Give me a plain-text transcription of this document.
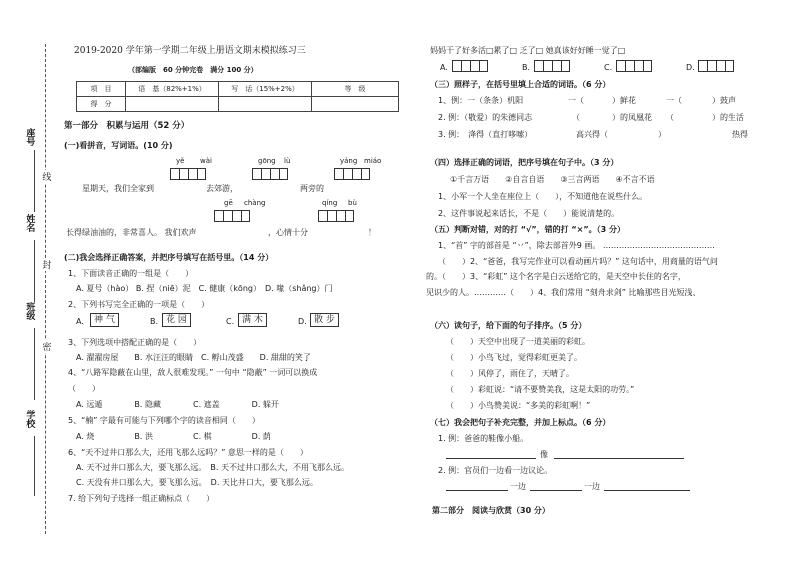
座号
姓名
班级
学校
线
封
密
2019-2020 学年第一学期二年级上册语文期末模拟练习三
（部编版　60 分钟完卷　满分 100 分）
项　目	语　基（82%+1%）	写　话（15%+2%）	等　级
得　分			
第一部分　积累与运用（52 分）
(一)看拼音，写词语。(10 分)
yě wài	gōng lù	yáng miáo
星期天，我们全家到	去郊游，	两旁的
gē chàng	qíng bù
长得绿油油的，非常喜人。 我们欢声	，心情十分	！
(二)我会选择正确答案，并把序号填写在括号里。（14 分）
1、下面读音正确的一组是（　　）
A. 夏号（hào） B. 捏（niē）泥　C. 健康（kōng）　D. 喙（shǎng）门
2、下列书写完全正确的一项是（　　）
A.	神 气	B. 花 园	C. 满 木	D. 散 步
3、下列选项中搭配正确的是（　　）
A. 濯濯房屋　　B. 水汪汪的眼睛　C. 孵山茂盛　　D. 甜甜的笑了
4、“八路军隐蔽在山里，敌人很难发现。” 一句中 “隐蔽” 一词可以换成
（　　）
A. 远遁　　　　B. 隐藏　　　　C. 遮盖　　　　D. 躲开
5、“楠” 字最有可能与下列哪个字的读音相同（　　）
A. 烧　　　　　B. 洪　　　　　C. 棋　　　　　D. 荫
6、“天不过井口那么大，还用飞那么远吗？” 意思一样的是（　　）
A. 天不过井口那么大，要飞那么远。　B. 天不过井口那么大，不用飞那么远。
C. 天没有井口那么大，要飞那么远。　D. 天比井口大，要飞那么远。
7. 给下列句子选择一组正确标点（　　）
妈妈干了好多活□累了□ 乏了□ 她真该好好睡一觉了□
A.	B.	C.	D.
（三）照样子，在括号里填上合适的词语。（6 分）
1、例：一（条条）机阳	一（	）鲜花	一（	）鼓声
2. 例：（敬爱）的朱德同志	（	）的凤凰花 （	）的生活
3. 例：　洚得（直打哆嗦）	高兴得（	）	热得
（四）选择正确的词语，把序号填在句子中。（3 分）
①千言万语　　②自言自语　　③三言两语　　④不言不语
1、小军一个人坐在座位上（　　），不知道他在说些什么。
2、这件事说起来话长，不是（　　）能说清楚的。
（五）判断对错，对的打 “√”，错的打 “×”。（3 分）
1、“首” 字的部首是 “丷”，除去部首外9 画。 ……………………………………
（　　）2、“爸爸，我写完作业可以看动画片吗？” 这句话中，用商量的语气问
的。（　　）3、“彩虹” 这个名字是白云送给它的，是天空中长住的名字，
见识少的人。…………（　　）4、我们常用 “刻舟求剑” 比喻那些目光短浅、
（六）读句子，给下面的句子排序。（5 分）
（　　）天空中出现了一道美丽的彩虹。
（　　）小鸟飞过，觉得彩虹更美了。
（　　）风停了，雨住了，天晴了。
（　　）彩虹说：“请不要赞美我，这是太阳的功劳。”
（　　）小鸟赞美说：“多美的彩虹啊！”
（七）我会把句子补充完整，并加上标点。（6 分）
1. 例：爸爸的鞋像小船。
像
2. 例：官员们一边看一边议论。
一边	一边
第二部分　阅读与欣赏（30 分）
